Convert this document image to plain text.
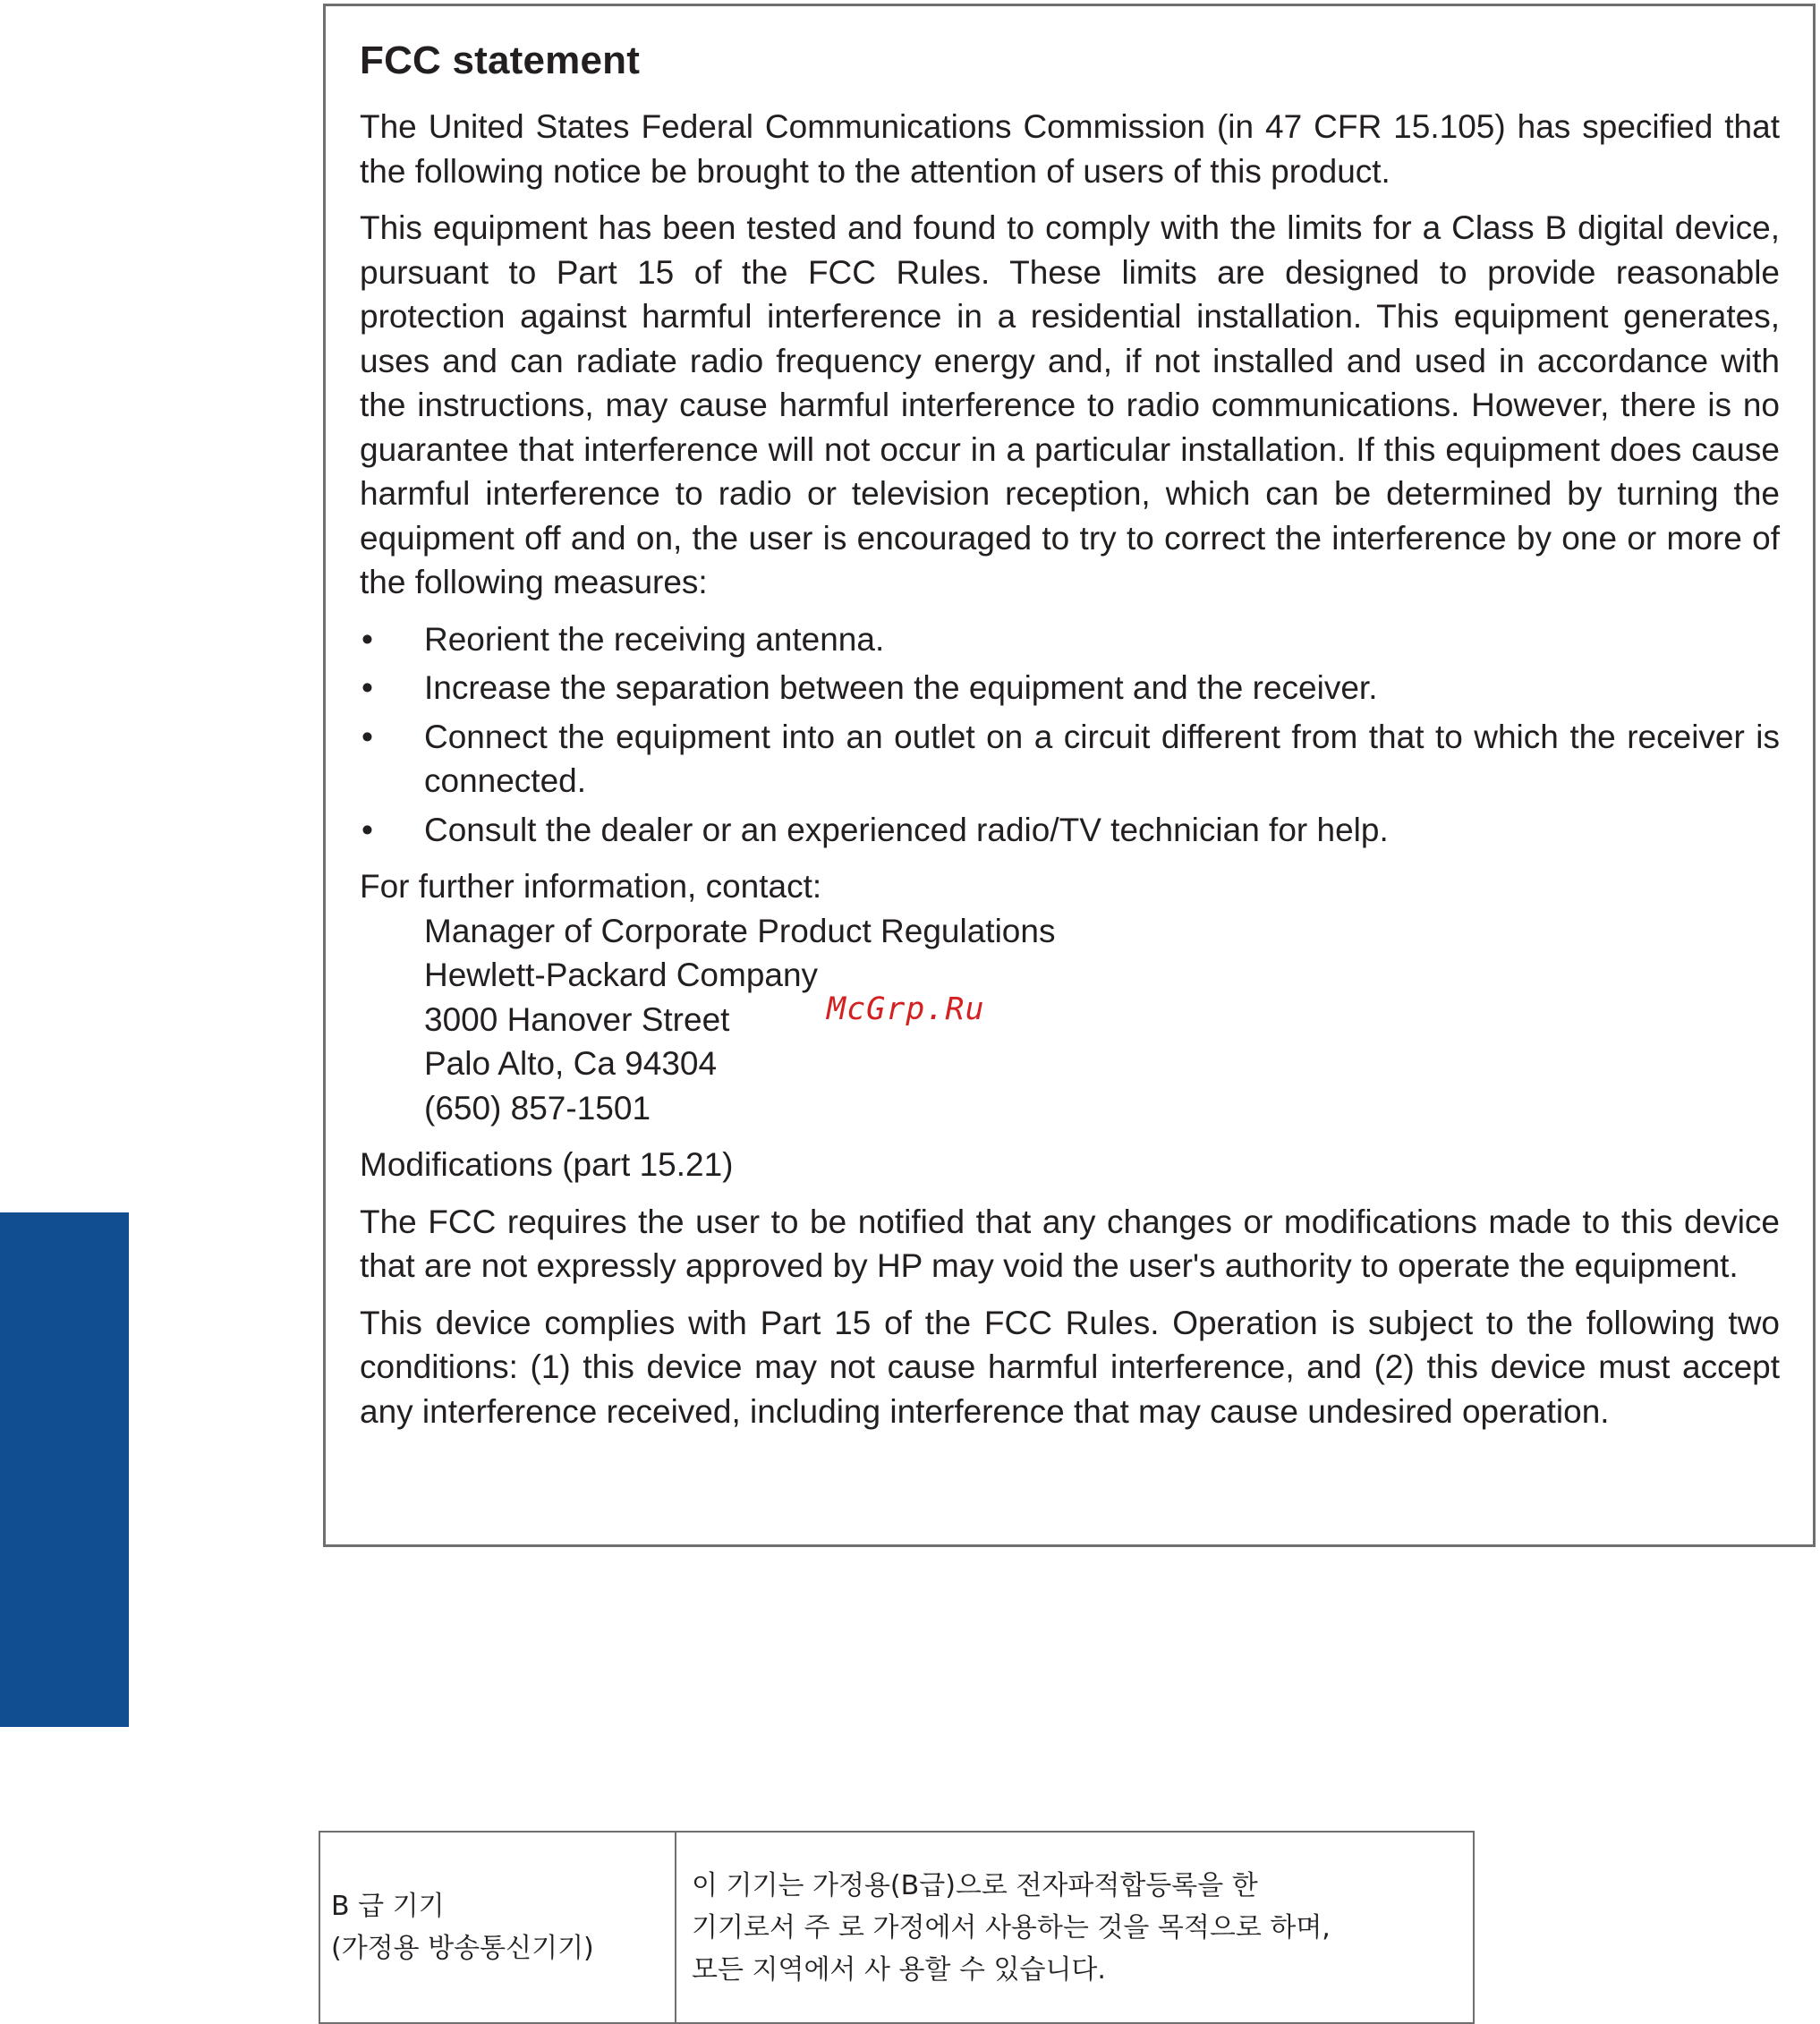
FCC statement

The United States Federal Communications Commission (in 47 CFR 15.105) has specified that the following notice be brought to the attention of users of this product.

This equipment has been tested and found to comply with the limits for a Class B digital device, pursuant to Part 15 of the FCC Rules. These limits are designed to provide reasonable protection against harmful interference in a residential installation. This equipment generates, uses and can radiate radio frequency energy and, if not installed and used in accordance with the instructions, may cause harmful interference to radio communications. However, there is no guarantee that interference will not occur in a particular installation. If this equipment does cause harmful interference to radio or television reception, which can be determined by turning the equipment off and on, the user is encouraged to try to correct the interference by one or more of the following measures:

•	Reorient the receiving antenna.
•	Increase the separation between the equipment and the receiver.
•	Connect the equipment into an outlet on a circuit different from that to which the receiver is connected.
•	Consult the dealer or an experienced radio/TV technician for help.
For further information, contact:
Manager of Corporate Product Regulations
Hewlett-Packard Company
3000 Hanover Street
Palo Alto, Ca 94304
(650) 857-1501

Modifications (part 15.21)

The FCC requires the user to be notified that any changes or modifications made to this device that are not expressly approved by HP may void the user's authority to operate the equipment.

This device complies with Part 15 of the FCC Rules. Operation is subject to the following two conditions: (1) this device may not cause harmful interference, and (2) this device must accept any interference received, including interference that may cause undesired operation.

McGrp.Ru
B 급 기기
(가정용 방송통신기기)

이 기기는 가정용(B급)으로 전자파적합등록을 한
기기로서 주 로 가정에서 사용하는 것을 목적으로 하며,
모든 지역에서 사 용할 수 있습니다.
